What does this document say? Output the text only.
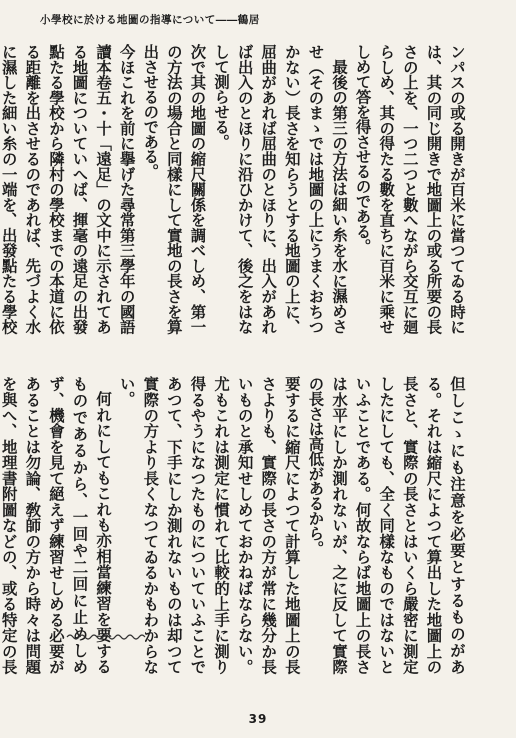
小學校に於ける地圖の指導について――鶴居

ンパスの或る開きが百米に當つてゐる時には、其の同じ開きで地圖上の或る所要の長さの上を、一つ二つと數へながら交互に廻らしめ、其の得たる數を直ちに百米に乘せしめて答を得させるのである。

最後の第三の方法は細い糸を水に濕めさせ（そのまゝでは地圖の上にうまくおちつかない）長さを知らうとする地圖の上に、屈曲があれば屈曲のとほりに、出入があれば出入のとほりに沿ひかけて、後之をはなして測らせる。

次で其の地圖の縮尺關係を調べしめ、第一の方法の場合と同樣にして實地の長さを算出させるのである。

今ほこれを前に擧げた尋常第三學年の國語讀本卷五・十「遠足」の文中に示されてある地圖についていへば、揮毫の遠足の出發點たる學校から隣村の學校までの本道に依る距離を出させるのであれば、先づよく水に濕した細い糸の一端を、出發點たる學校

但しこゝにも注意を必要とするものがある。それは縮尺によつて算出した地圖上の長さと、實際の長さとはいくら嚴密に測定したにしても、全く同樣なものではないといふことである。何故ならば地圖上の長さは水平にしか測れないが、之に反して實際の長さは高低があるから。

要するに縮尺によつて計算した地圖上の長さよりも、實際の長さの方が常に幾分か長いものと承知せしめておかねばならない。尤もこれは測定に慣れて比較的上手に測り得るやうになつたものについていふことであつて、下手にしか測れないものは却つて實際の方より長くなつてゐるかもわからない。

何れにしてもこれも亦相當練習を要するものであるから、一回や二回に止めしめず、機會を見て絕えず練習せしめる必要があることは勿論、敎師の方から時々は問題を與へ、地理書附圖などの、或る特定の長

39
